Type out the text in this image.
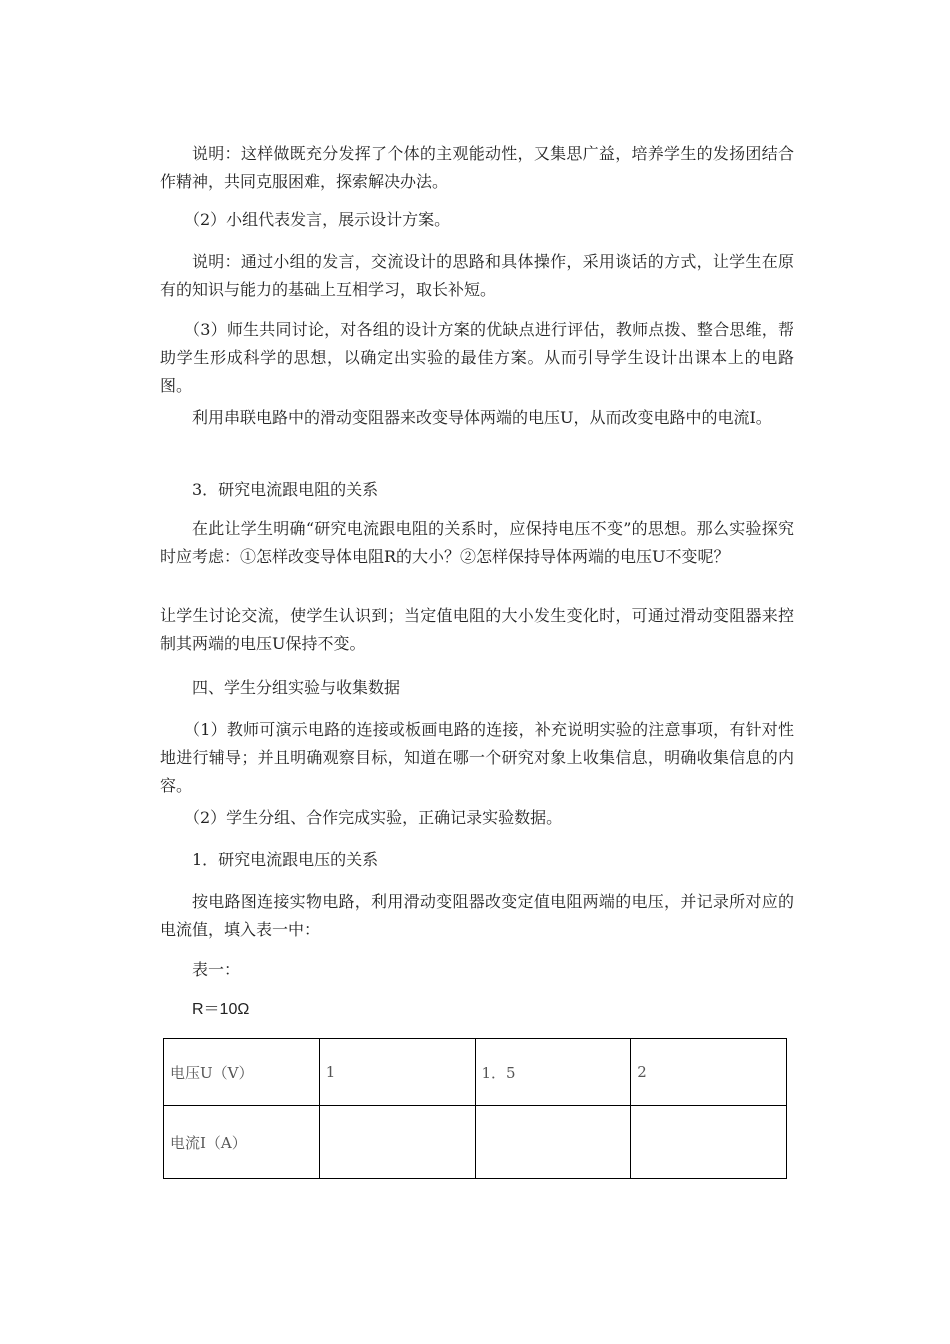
说明：这样做既充分发挥了个体的主观能动性，又集思广益，培养学生的发扬团结合作精神，共同克服困难，探索解决办法。

（2）小组代表发言，展示设计方案。

说明：通过小组的发言，交流设计的思路和具体操作，采用谈话的方式，让学生在原有的知识与能力的基础上互相学习，取长补短。

（3）师生共同讨论，对各组的设计方案的优缺点进行评估，教师点拨、整合思维，帮助学生形成科学的思想，以确定出实验的最佳方案。从而引导学生设计出课本上的电路图。

利用串联电路中的滑动变阻器来改变导体两端的电压U，从而改变电路中的电流I。

3．研究电流跟电阻的关系

在此让学生明确“研究电流跟电阻的关系时，应保持电压不变”的思想。那么实验探究时应考虑：①怎样改变导体电阻R的大小？②怎样保持导体两端的电压U不变呢？

让学生讨论交流，使学生认识到；当定值电阻的大小发生变化时，可通过滑动变阻器来控制其两端的电压U保持不变。

四、学生分组实验与收集数据

（1）教师可演示电路的连接或板画电路的连接，补充说明实验的注意事项，有针对性地进行辅导；并且明确观察目标，知道在哪一个研究对象上收集信息，明确收集信息的内容。

（2）学生分组、合作完成实验，正确记录实验数据。

1．研究电流跟电压的关系

按电路图连接实物电路，利用滑动变阻器改变定值电阻两端的电压，并记录所对应的电流值，填入表一中：

表一：

R＝10Ω

电压U（V）	1	1．5	2
电流I（A）			
